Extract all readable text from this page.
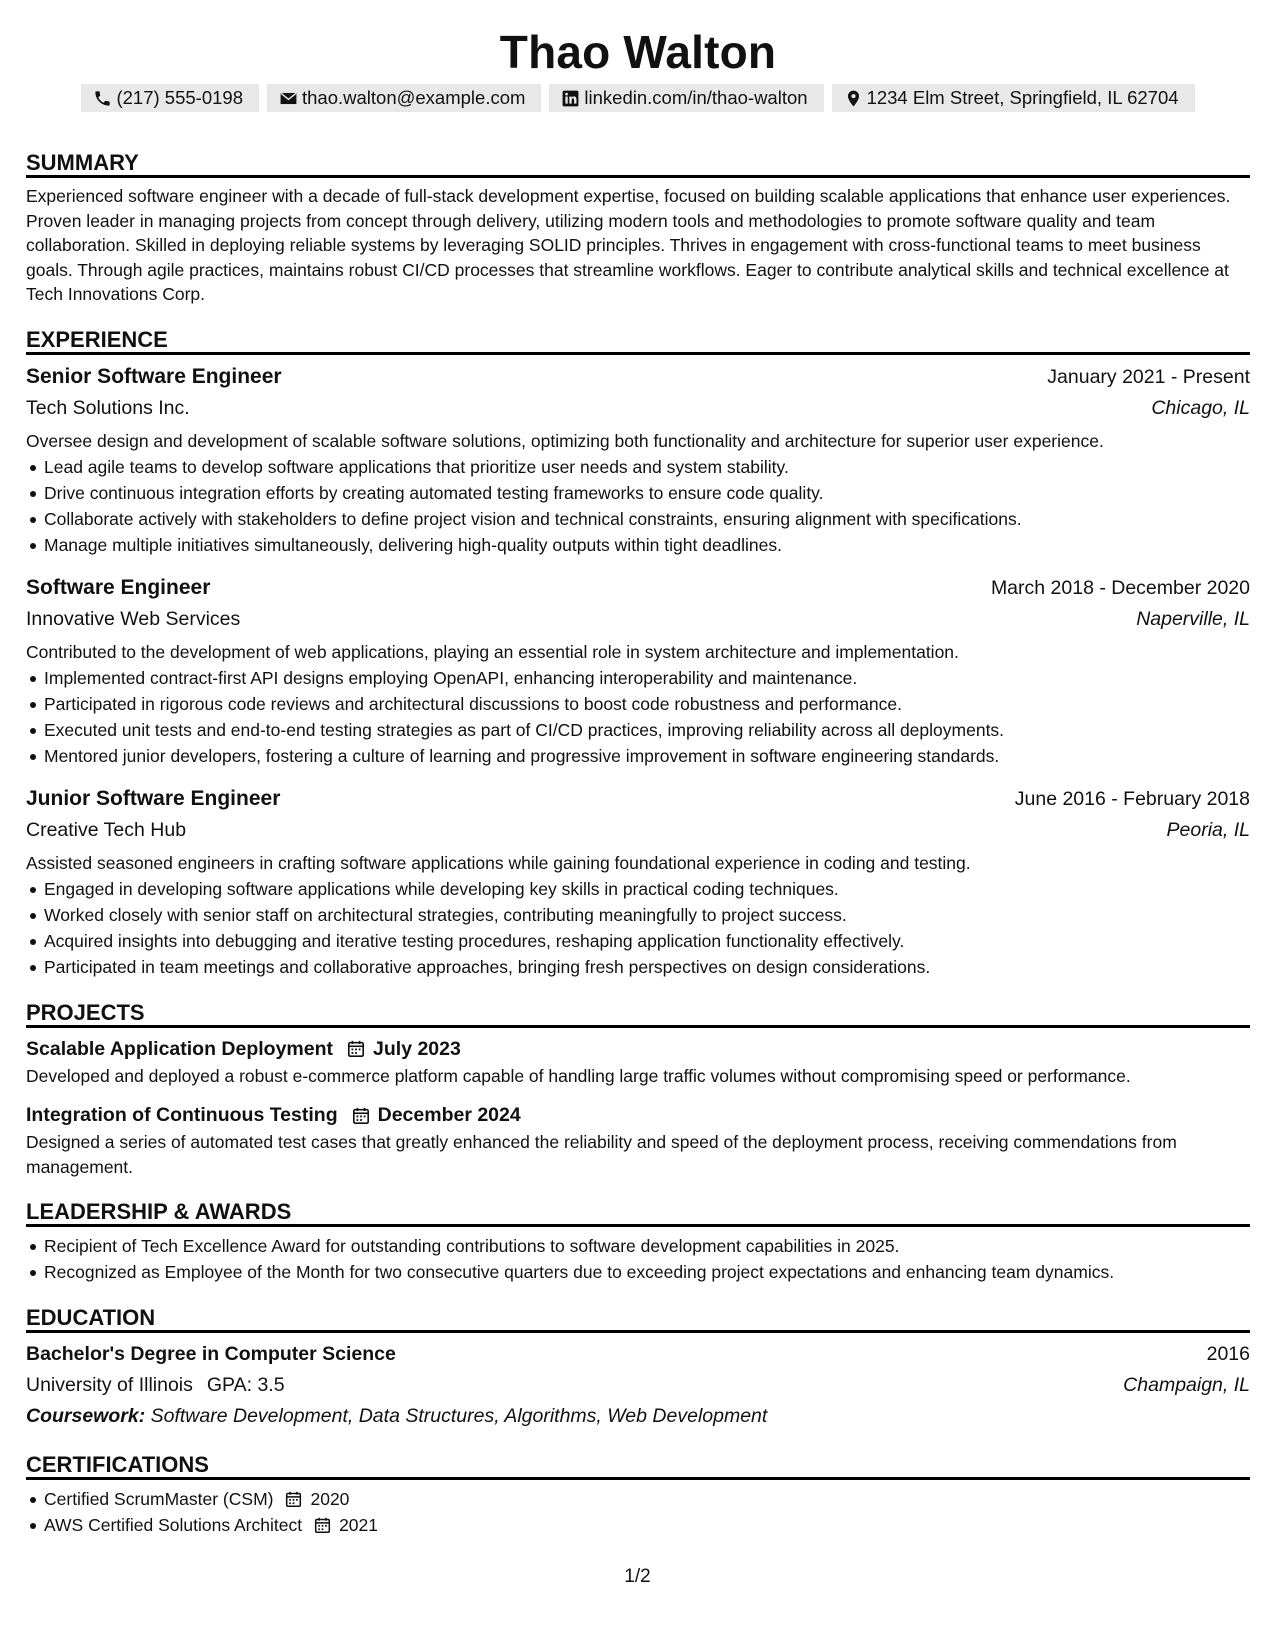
Thao Walton
(217) 555-0198	thao.walton@example.com	linkedin.com/in/thao-walton	1234 Elm Street, Springfield, IL 62704
SUMMARY
Experienced software engineer with a decade of full-stack development expertise, focused on building scalable applications that enhance user experiences. Proven leader in managing projects from concept through delivery, utilizing modern tools and methodologies to promote software quality and team collaboration. Skilled in deploying reliable systems by leveraging SOLID principles. Thrives in engagement with cross-functional teams to meet business goals. Through agile practices, maintains robust CI/CD processes that streamline workflows. Eager to contribute analytical skills and technical excellence at Tech Innovations Corp.
EXPERIENCE
Senior Software Engineer	January 2021 - Present
Tech Solutions Inc.	Chicago, IL
Oversee design and development of scalable software solutions, optimizing both functionality and architecture for superior user experience.
Lead agile teams to develop software applications that prioritize user needs and system stability.
Drive continuous integration efforts by creating automated testing frameworks to ensure code quality.
Collaborate actively with stakeholders to define project vision and technical constraints, ensuring alignment with specifications.
Manage multiple initiatives simultaneously, delivering high-quality outputs within tight deadlines.
Software Engineer	March 2018 - December 2020
Innovative Web Services	Naperville, IL
Contributed to the development of web applications, playing an essential role in system architecture and implementation.
Implemented contract-first API designs employing OpenAPI, enhancing interoperability and maintenance.
Participated in rigorous code reviews and architectural discussions to boost code robustness and performance.
Executed unit tests and end-to-end testing strategies as part of CI/CD practices, improving reliability across all deployments.
Mentored junior developers, fostering a culture of learning and progressive improvement in software engineering standards.
Junior Software Engineer	June 2016 - February 2018
Creative Tech Hub	Peoria, IL
Assisted seasoned engineers in crafting software applications while gaining foundational experience in coding and testing.
Engaged in developing software applications while developing key skills in practical coding techniques.
Worked closely with senior staff on architectural strategies, contributing meaningfully to project success.
Acquired insights into debugging and iterative testing procedures, reshaping application functionality effectively.
Participated in team meetings and collaborative approaches, bringing fresh perspectives on design considerations.
PROJECTS
Scalable Application Deployment July 2023
Developed and deployed a robust e-commerce platform capable of handling large traffic volumes without compromising speed or performance.
Integration of Continuous Testing December 2024
Designed a series of automated test cases that greatly enhanced the reliability and speed of the deployment process, receiving commendations from management.
LEADERSHIP & AWARDS
Recipient of Tech Excellence Award for outstanding contributions to software development capabilities in 2025.
Recognized as Employee of the Month for two consecutive quarters due to exceeding project expectations and enhancing team dynamics.
EDUCATION
Bachelor's Degree in Computer Science	2016
University of Illinois GPA: 3.5	Champaign, IL
Coursework: Software Development, Data Structures, Algorithms, Web Development
CERTIFICATIONS
Certified ScrumMaster (CSM) 2020
AWS Certified Solutions Architect 2021
1/2
